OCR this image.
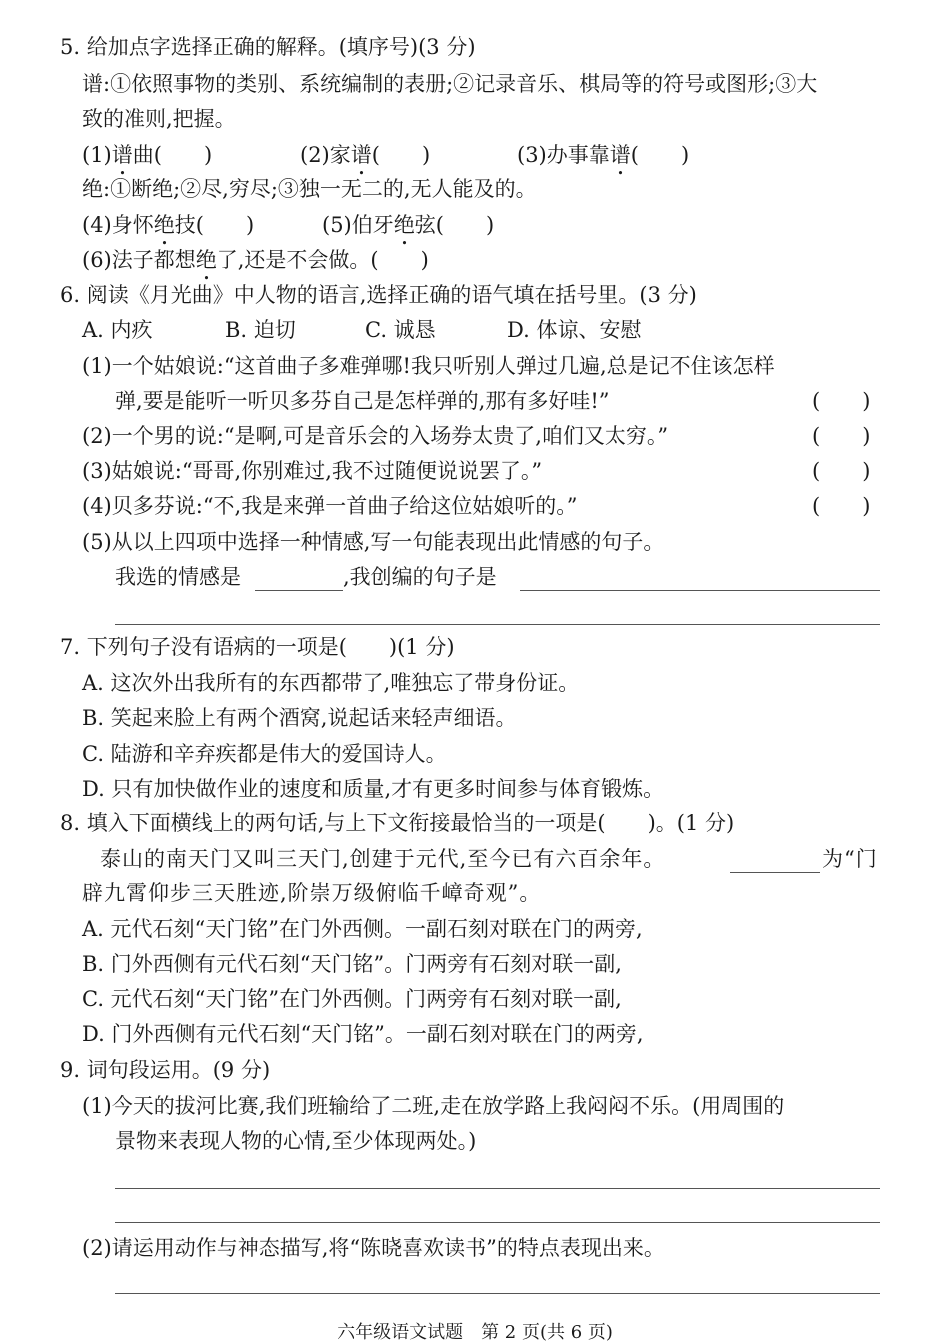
5. 给加点字选择正确的解释。(填序号)(3 分)
谱:①依照事物的类别、系统编制的表册;②记录音乐、棋局等的符号或图形;③大
致的准则,把握。
(1)谱曲(　　)	(2)家谱(　　)	(3)办事靠谱(　　)
绝:①断绝;②尽,穷尽;③独一无二的,无人能及的。
(4)身怀绝技(　　)	(5)伯牙绝弦(　　)
(6)法子都想绝了,还是不会做。(　　)
6. 阅读《月光曲》中人物的语言,选择正确的语气填在括号里。(3 分)
A. 内疚	B. 迫切	C. 诚恳	D. 体谅、安慰
(1)一个姑娘说:“这首曲子多难弹哪!我只听别人弹过几遍,总是记不住该怎样
弹,要是能听一听贝多芬自己是怎样弹的,那有多好哇!”	(　　)
(2)一个男的说:“是啊,可是音乐会的入场券太贵了,咱们又太穷。”	(　　)
(3)姑娘说:“哥哥,你别难过,我不过随便说说罢了。”	(　　)
(4)贝多芬说:“不,我是来弹一首曲子给这位姑娘听的。”	(　　)
(5)从以上四项中选择一种情感,写一句能表现出此情感的句子。
我选的情感是	,我创编的句子是
7. 下列句子没有语病的一项是(　　)(1 分)
A. 这次外出我所有的东西都带了,唯独忘了带身份证。
B. 笑起来脸上有两个酒窝,说起话来轻声细语。
C. 陆游和辛弃疾都是伟大的爱国诗人。
D. 只有加快做作业的速度和质量,才有更多时间参与体育锻炼。
8. 填入下面横线上的两句话,与上下文衔接最恰当的一项是(　　)。(1 分)
泰山的南天门又叫三天门,创建于元代,至今已有六百余年。	为“门
辟九霄仰步三天胜迹,阶崇万级俯临千嶂奇观”。
A. 元代石刻“天门铭”在门外西侧。一副石刻对联在门的两旁,
B. 门外西侧有元代石刻“天门铭”。门两旁有石刻对联一副,
C. 元代石刻“天门铭”在门外西侧。门两旁有石刻对联一副,
D. 门外西侧有元代石刻“天门铭”。一副石刻对联在门的两旁,
9. 词句段运用。(9 分)
(1)今天的拔河比赛,我们班输给了二班,走在放学路上我闷闷不乐。(用周围的
景物来表现人物的心情,至少体现两处。)
(2)请运用动作与神态描写,将“陈晓喜欢读书”的特点表现出来。
六年级语文试题　第 2 页(共 6 页)
